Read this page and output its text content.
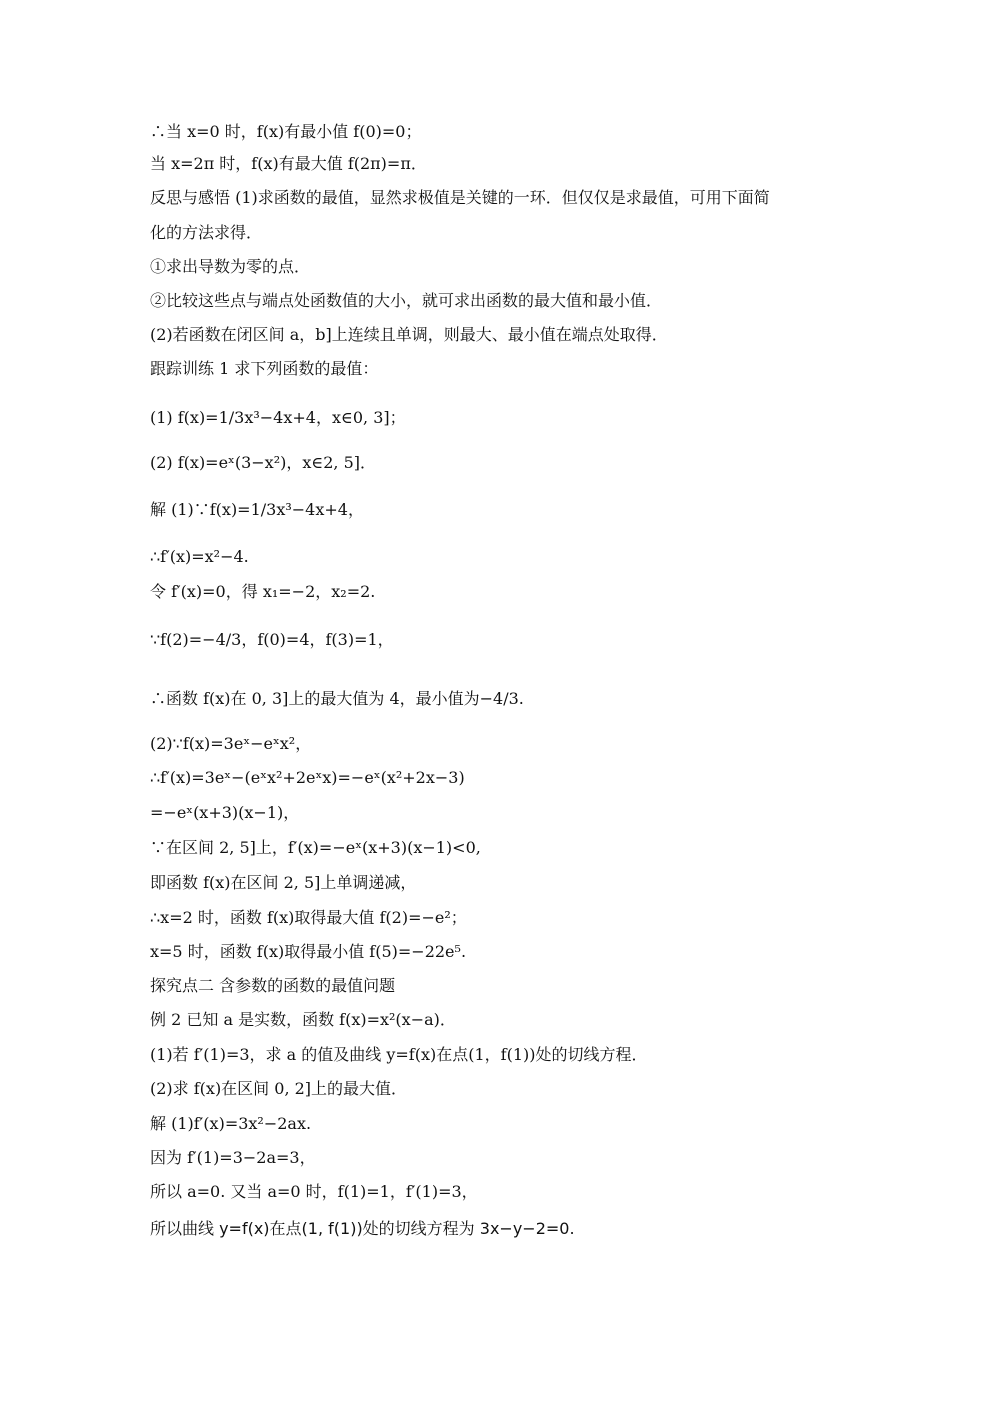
∴当 x=0 时，f(x)有最小值 f(0)=0；
当 x=2π 时，f(x)有最大值 f(2π)=π．
反思与感悟 (1)求函数的最值，显然求极值是关键的一环．但仅仅是求最值，可用下面简
化的方法求得．
①求出导数为零的点．
②比较这些点与端点处函数值的大小，就可求出函数的最大值和最小值．
(2)若函数在闭区间 a，b]上连续且单调，则最大、最小值在端点处取得．
跟踪训练 1 求下列函数的最值：
(1) f(x)=1/3x³−4x+4，x∈0, 3]；
(2) f(x)=eˣ(3−x²)，x∈2, 5]．
解 (1)∵f(x)=1/3x³−4x+4，
∴f′(x)=x²−4.
令 f′(x)=0，得 x₁=−2，x₂=2.
∵f(2)=−4/3，f(0)=4，f(3)=1，
∴函数 f(x)在 0, 3]上的最大值为 4，最小值为−4/3.
(2)∵f(x)=3eˣ−eˣx²，
∴f′(x)=3eˣ−(eˣx²+2eˣx)=−eˣ(x²+2x−3)
=−eˣ(x+3)(x−1)，
∵在区间 2, 5]上，f′(x)=−eˣ(x+3)(x−1)<0,
即函数 f(x)在区间 2, 5]上单调递减，
∴x=2 时，函数 f(x)取得最大值 f(2)=−e²；
x=5 时，函数 f(x)取得最小值 f(5)=−22e⁵.
探究点二 含参数的函数的最值问题
例 2 已知 a 是实数，函数 f(x)=x²(x−a)．
(1)若 f′(1)=3，求 a 的值及曲线 y=f(x)在点(1，f(1))处的切线方程．
(2)求 f(x)在区间 0, 2]上的最大值．
解 (1)f′(x)=3x²−2ax.
因为 f′(1)=3−2a=3，
所以 a=0. 又当 a=0 时，f(1)=1，f′(1)=3，
所以曲线 y=f(x)在点(1, f(1))处的切线方程为 3x−y−2=0.
